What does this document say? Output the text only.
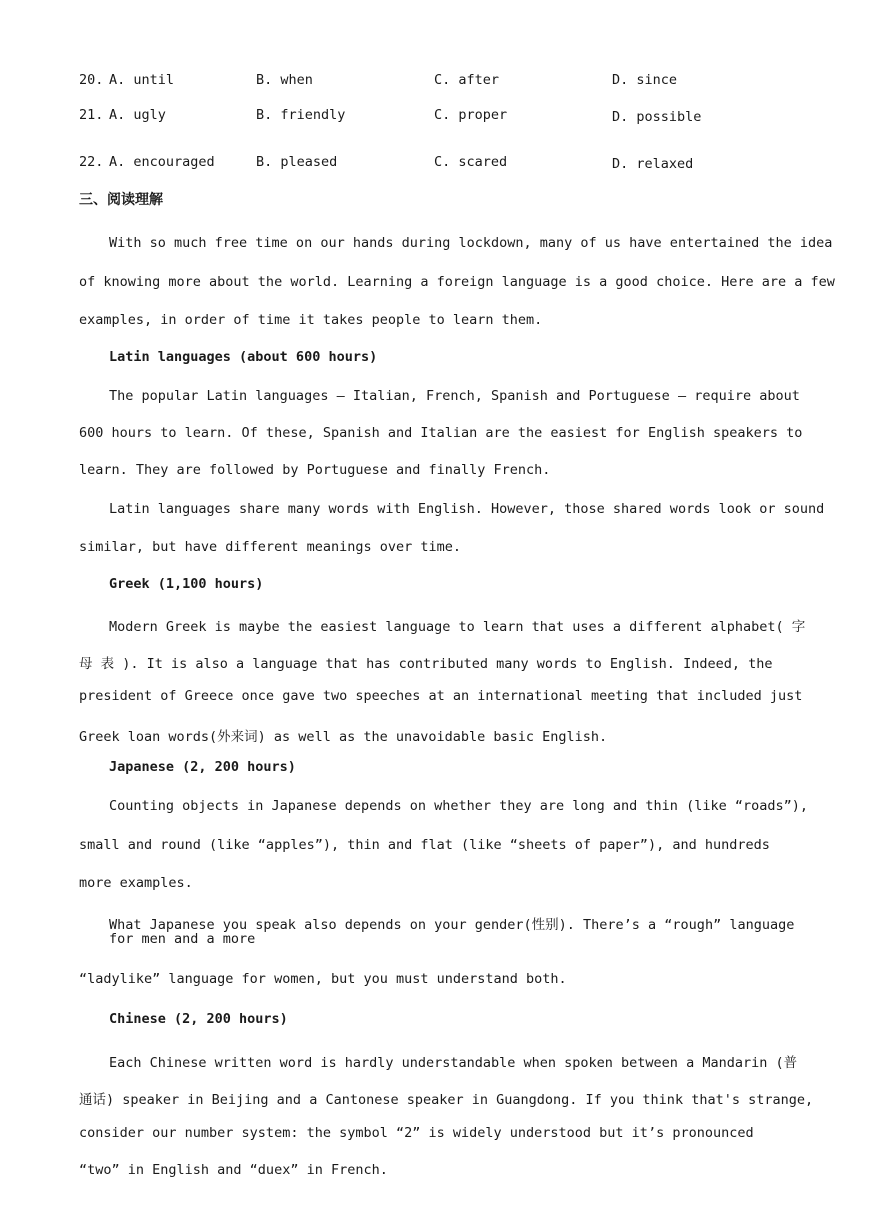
20. A. until	B. when	C. after	D. since
21. A. ugly	B. friendly	C. proper	D. possible
22. A. encouraged	B. pleased	C. scared	D. relaxed
三、阅读理解
With so much free time on our hands during lockdown, many of us have entertained the idea
of knowing more about the world. Learning a foreign language is a good choice. Here are a few
examples, in order of time it takes people to learn them.
Latin languages (about 600 hours)
The popular Latin languages — Italian, French, Spanish and Portuguese — require about
600 hours to learn. Of these, Spanish and Italian are the easiest for English speakers to
learn. They are followed by Portuguese and finally French.
Latin languages share many words with English. However, those shared words look or sound
similar, but have different meanings over time.
Greek (1,100 hours)
Modern Greek is maybe the easiest language to learn that uses a different alphabet( 字
母 表 ). It is also a language that has contributed many words to English. Indeed, the
president of Greece once gave two speeches at an international meeting that included just
Greek loan words(外来词) as well as the unavoidable basic English.
Japanese (2, 200 hours)
Counting objects in Japanese depends on whether they are long and thin (like “roads”),
small and round (like “apples”), thin and flat (like “sheets of paper”), and hundreds
more examples.
What Japanese you speak also depends on your gender(性别). There’s a “rough” language
for men and a more
“ladylike” language for women, but you must understand both.
Chinese (2, 200 hours)
Each Chinese written word is hardly understandable when spoken between a Mandarin (普
通话) speaker in Beijing and a Cantonese speaker in Guangdong. If you think that's strange,
consider our number system: the symbol “2” is widely understood but it’s pronounced
“two” in English and “duex” in French.
